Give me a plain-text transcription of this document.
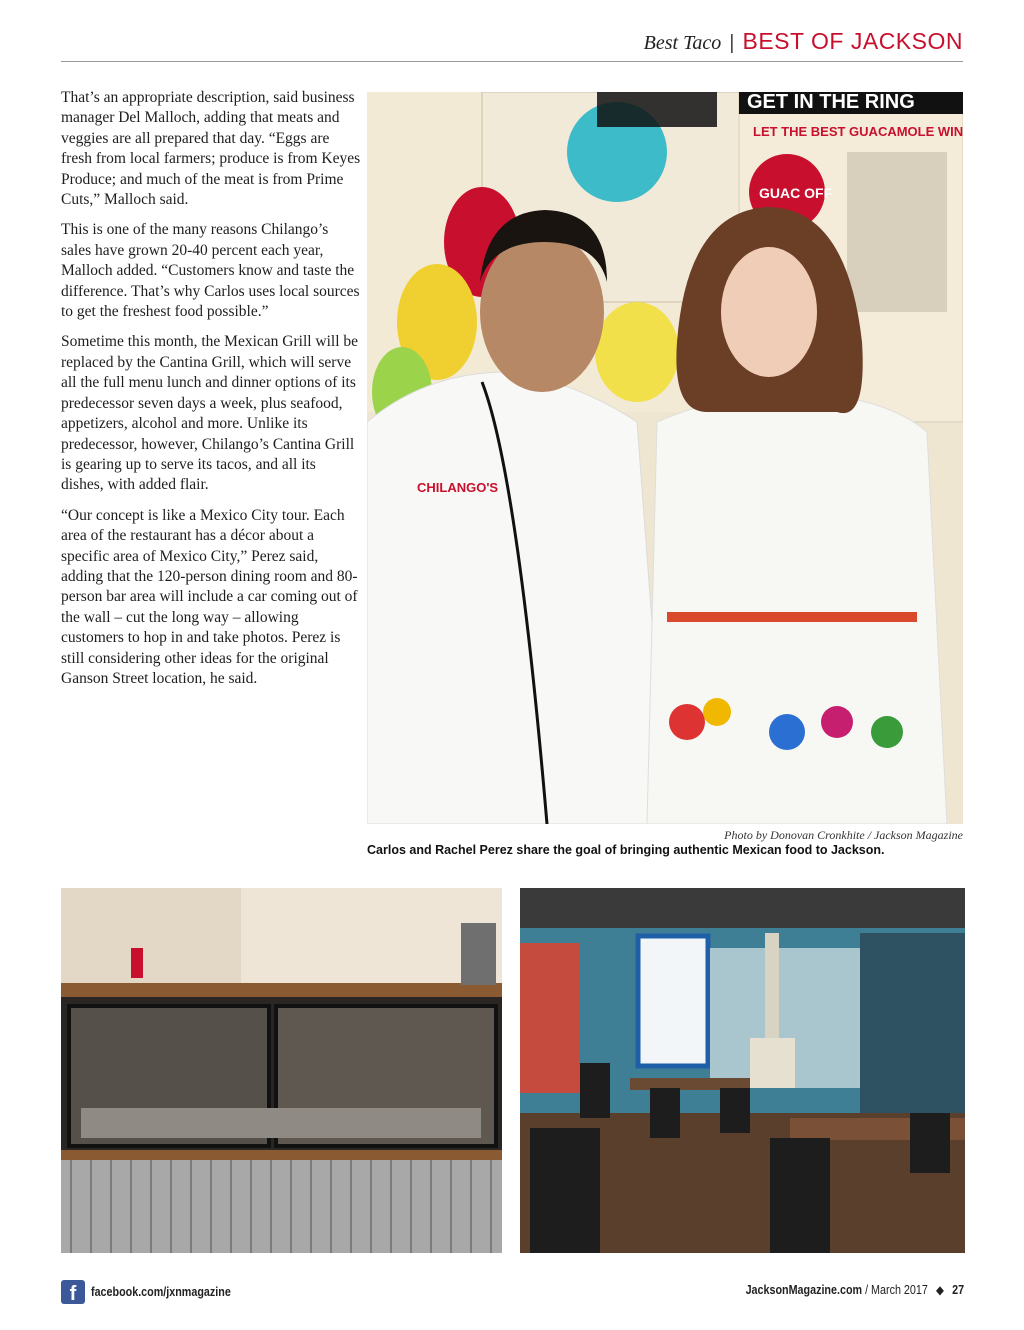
Best Taco | BEST OF JACKSON

That’s an appropriate description, said business manager Del Malloch, adding that meats and veggies are all prepared that day. “Eggs are fresh from local farmers; produce is from Keyes Produce; and much of the meat is from Prime Cuts,” Malloch said.

This is one of the many reasons Chilango’s sales have grown 20-40 percent each year, Malloch added. “Customers know and taste the difference. That’s why Carlos uses local sources to get the freshest food possible.”

Sometime this month, the Mexican Grill will be replaced by the Cantina Grill, which will serve all the full menu lunch and dinner options of its predecessor seven days a week, plus seafood, appetizers, alcohol and more. Unlike its predecessor, however, Chilango’s Cantina Grill is gearing up to serve its tacos, and all its dishes, with added flair.

“Our concept is like a Mexico City tour. Each area of the restaurant has a décor about a specific area of Mexico City,” Perez said, adding that the 120-person dining room and 80-person bar area will include a car coming out of the wall – cut the long way – allowing customers to hop in and take photos. Perez is still considering other ideas for the original Ganson Street location, he said.

GET IN THE RING
LET THE BEST GUACAMOLE WIN
GUAC OFF
CHILANGO'S
Photo by Donovan Cronkhite / Jackson Magazine
Carlos and Rachel Perez share the goal of bringing authentic Mexican food to Jackson.
f	facebook.com/jxnmagazine	JacksonMagazine.com / March 2017 ◆ 27
